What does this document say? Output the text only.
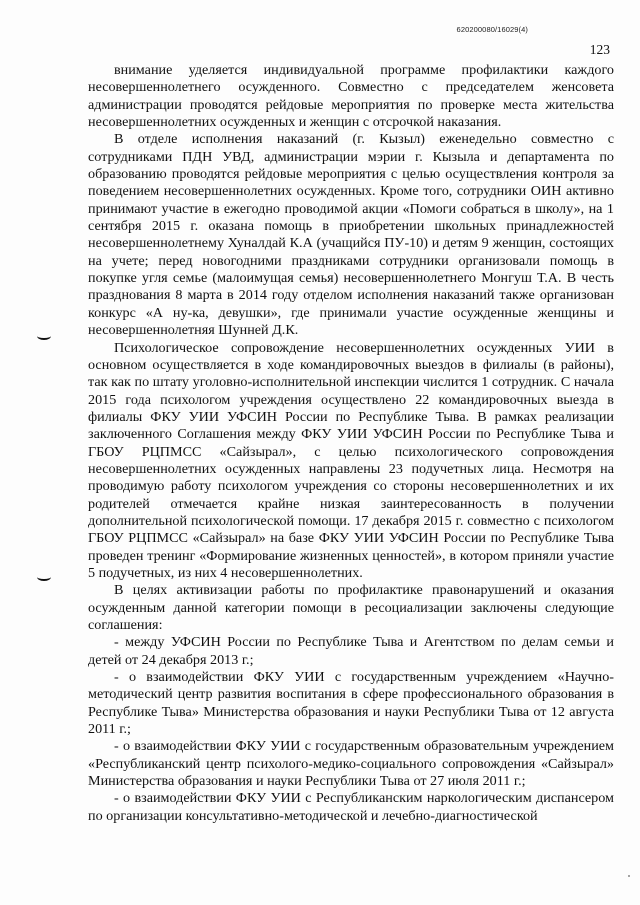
620200080/16029(4)
123

внимание уделяется индивидуальной программе профилактики каждого несовершеннолетнего осужденного. Совместно с председателем женсовета администрации проводятся рейдовые мероприятия по проверке места жительства несовершеннолетних осужденных и женщин с отсрочкой наказания.

В отделе исполнения наказаний (г. Кызыл) еженедельно совместно с сотрудниками ПДН УВД, администрации мэрии г. Кызыла и департамента по образованию проводятся рейдовые мероприятия с целью осуществления контроля за поведением несовершеннолетних осужденных. Кроме того, сотрудники ОИН активно принимают участие в ежегодно проводимой акции «Помоги собраться в школу», на 1 сентября 2015 г. оказана помощь в приобретении школьных принадлежностей несовершеннолетнему Хуналдай К.А (учащийся ПУ-10) и детям 9 женщин, состоящих на учете; перед новогодними праздниками сотрудники организовали помощь в покупке угля семье (малоимущая семья) несовершеннолетнего Монгуш Т.А. В честь празднования 8 марта в 2014 году отделом исполнения наказаний также организован конкурс «А ну-ка, девушки», где принимали участие осужденные женщины и несовершеннолетняя Шунней Д.К.

Психологическое сопровождение несовершеннолетних осужденных УИИ в основном осуществляется в ходе командировочных выездов в филиалы (в районы), так как по штату уголовно-исполнительной инспекции числится 1 сотрудник. С начала 2015 года психологом учреждения осуществлено 22 командировочных выезда в филиалы ФКУ УИИ УФСИН России по Республике Тыва. В рамках реализации заключенного Соглашения между ФКУ УИИ УФСИН России по Республике Тыва и ГБОУ РЦПМСС «Сайзырал», с целью психологического сопровождения несовершеннолетних осужденных направлены 23 подучетных лица. Несмотря на проводимую работу психологом учреждения со стороны несовершеннолетних и их родителей отмечается крайне низкая заинтересованность в получении дополнительной психологической помощи. 17 декабря 2015 г. совместно с психологом ГБОУ РЦПМСС «Сайзырал» на базе ФКУ УИИ УФСИН России по Республике Тыва проведен тренинг «Формирование жизненных ценностей», в котором приняли участие 5 подучетных, из них 4 несовершеннолетних.

В целях активизации работы по профилактике правонарушений и оказания осужденным данной категории помощи в ресоциализации заключены следующие соглашения:

- между УФСИН России по Республике Тыва и Агентством по делам семьи и детей от 24 декабря 2013 г.;

- о взаимодействии ФКУ УИИ с государственным учреждением «Научно-методический центр развития воспитания в сфере профессионального образования в Республике Тыва» Министерства образования и науки Республики Тыва от 12 августа 2011 г.;

- о взаимодействии ФКУ УИИ с государственным образовательным учреждением «Республиканский центр психолого-медико-социального сопровождения «Сайзырал» Министерства образования и науки Республики Тыва от 27 июля 2011 г.;

- о взаимодействии ФКУ УИИ с Республиканским наркологическим диспансером по организации консультативно-методической и лечебно-диагностической
